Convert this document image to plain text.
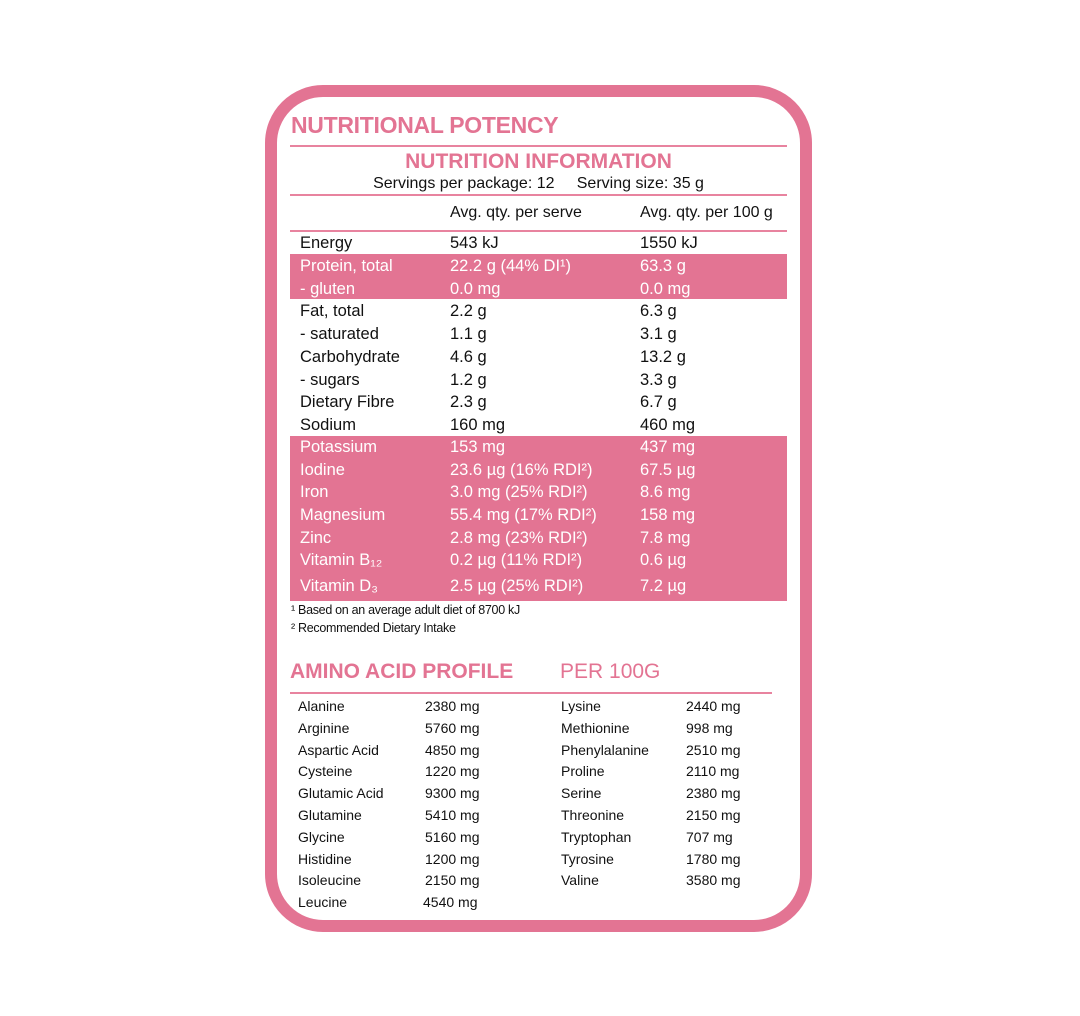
NUTRITIONAL POTENCY
NUTRITION INFORMATION
Servings per package: 12 Serving size: 35 g
Avg. qty. per serve	Avg. qty. per 100 g
Energy	543 kJ	1550 kJ
Protein, total	22.2 g (44% DI¹)	63.3 g
- gluten	0.0 mg	0.0 mg
Fat, total	2.2 g	6.3 g
- saturated	1.1 g	3.1 g
Carbohydrate	4.6 g	13.2 g
- sugars	1.2 g	3.3 g
Dietary Fibre	2.3 g	6.7 g
Sodium	160 mg	460 mg
Potassium	153 mg	437 mg
Iodine	23.6 µg (16% RDI²)	67.5 µg
Iron	3.0 mg (25% RDI²)	8.6 mg
Magnesium	55.4 mg (17% RDI²)	158 mg
Zinc	2.8 mg (23% RDI²)	7.8 mg
Vitamin B₁₂	0.2 µg (11% RDI²)	0.6 µg
Vitamin D₃	2.5 µg (25% RDI²)	7.2 µg
¹ Based on an average adult diet of 8700 kJ
² Recommended Dietary Intake
AMINO ACID PROFILE PER 100G
Alanine	2380 mg
Arginine	5760 mg
Aspartic Acid	4850 mg
Cysteine	1220 mg
Glutamic Acid	9300 mg
Glutamine	5410 mg
Glycine	5160 mg
Histidine	1200 mg
Isoleucine	2150 mg
Leucine	4540 mg
Lysine	2440 mg
Methionine	998 mg
Phenylalanine	2510 mg
Proline	2110 mg
Serine	2380 mg
Threonine	2150 mg
Tryptophan	707 mg
Tyrosine	1780 mg
Valine	3580 mg
